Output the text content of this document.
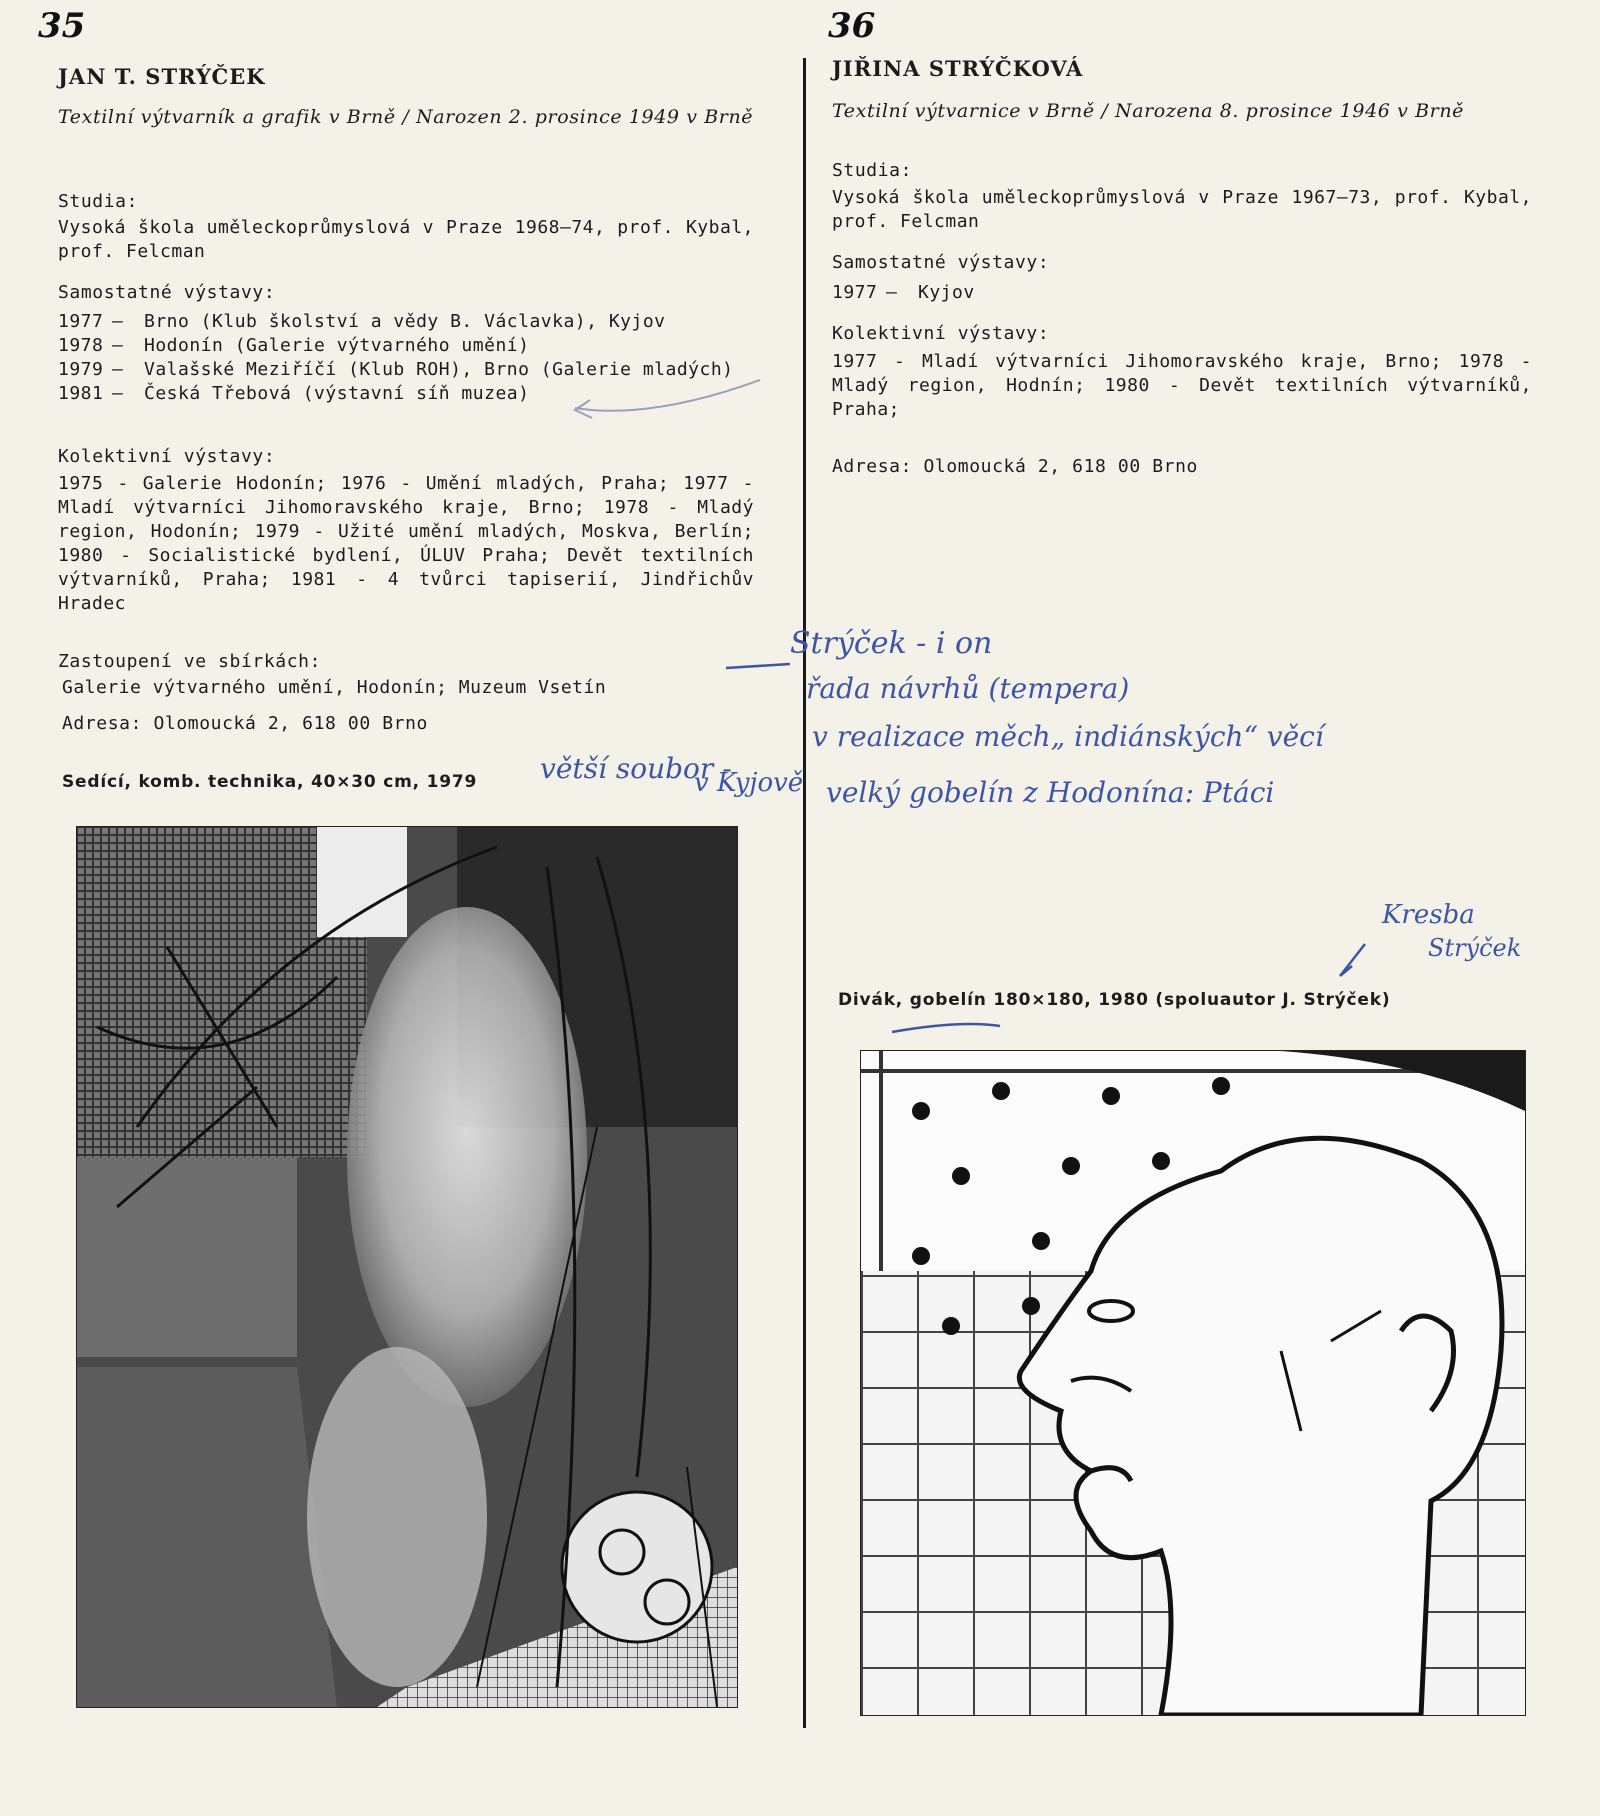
35
JAN T. STRÝČEK
Textilní výtvarník a grafik v Brně / Narozen 2. prosince 1949 v Brně
Studia:
Vysoká škola uměleckoprůmyslová v Praze 1968—74, prof. Kybal, prof. Felcman
Samostatné výstavy:
1977 —	Brno (Klub školství a vědy B. Václavka), Kyjov
1978 —	Hodonín (Galerie výtvarného umění)
1979 —	Valašské Meziříčí (Klub ROH), Brno (Galerie mladých)
1981 —	Česká Třebová (výstavní síň muzea)
Kolektivní výstavy:
1975 - Galerie Hodonín; 1976 - Umění mladých, Praha; 1977 - Mladí výtvarníci Jihomoravského kraje, Brno; 1978 - Mladý region, Hodonín; 1979 - Užité umění mladých, Moskva, Berlín; 1980 - Socialistické bydlení, ÚLUV Praha; Devět textilních výtvarníků, Praha; 1981 - 4 tvůrci tapiserií, Jindřichův Hradec
Zastoupení ve sbírkách:
Galerie výtvarného umění, Hodonín; Muzeum Vsetín
Adresa: Olomoucká 2, 618 00 Brno
Sedící, komb. technika, 40×30 cm, 1979
36
JIŘINA STRÝČKOVÁ
Textilní výtvarnice v Brně / Narozena 8. prosince 1946 v Brně
Studia:
Vysoká škola uměleckoprůmyslová v Praze 1967—73, prof. Kybal, prof. Felcman
Samostatné výstavy:
1977 —	Kyjov
Kolektivní výstavy:
1977 - Mladí výtvarníci Jihomoravského kraje, Brno; 1978 - Mladý region, Hodnín; 1980 - Devět textilních výtvarníků, Praha;
Adresa: Olomoucká 2, 618 00 Brno
Divák, gobelín 180×180, 1980 (spoluautor J. Strýček)
Strýček - i on
řada návrhů (tempera)
v realizace měch„ indiánských“ věcí
velký gobelín z Hodonína: Ptáci
větší soubor -
v Kyjově
Kresba
Strýček
